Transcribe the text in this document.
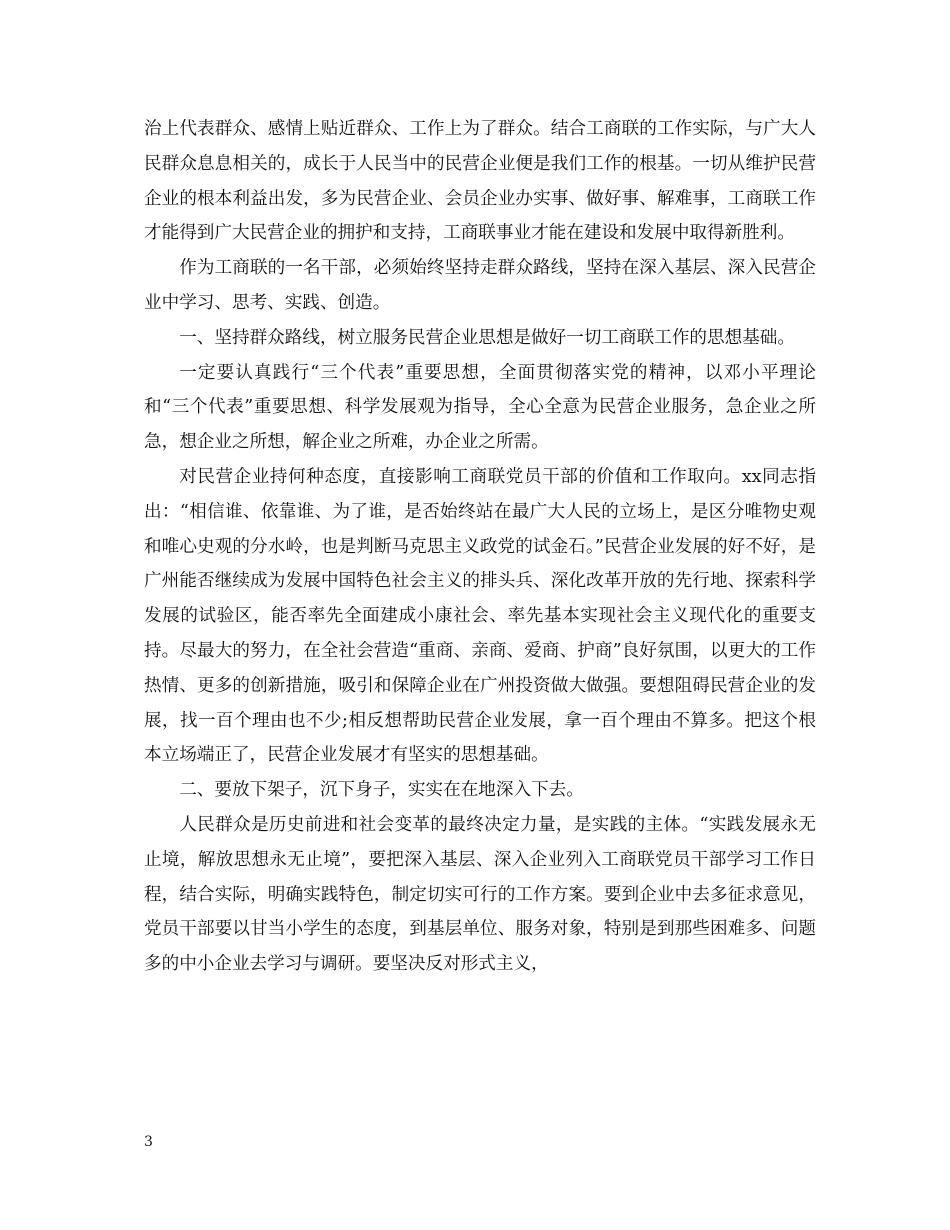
治上代表群众、感情上贴近群众、工作上为了群众。结合工商联的工作实际，与广大人民群众息息相关的，成长于人民当中的民营企业便是我们工作的根基。一切从维护民营企业的根本利益出发，多为民营企业、会员企业办实事、做好事、解难事，工商联工作才能得到广大民营企业的拥护和支持，工商联事业才能在建设和发展中取得新胜利。

作为工商联的一名干部，必须始终坚持走群众路线，坚持在深入基层、深入民营企业中学习、思考、实践、创造。

一、坚持群众路线，树立服务民营企业思想是做好一切工商联工作的思想基础。

一定要认真践行“三个代表”重要思想，全面贯彻落实党的精神，以邓小平理论和“三个代表”重要思想、科学发展观为指导，全心全意为民营企业服务，急企业之所急，想企业之所想，解企业之所难，办企业之所需。

对民营企业持何种态度，直接影响工商联党员干部的价值和工作取向。xx同志指出：“相信谁、依靠谁、为了谁，是否始终站在最广大人民的立场上，是区分唯物史观和唯心史观的分水岭，也是判断马克思主义政党的试金石。”民营企业发展的好不好，是广州能否继续成为发展中国特色社会主义的排头兵、深化改革开放的先行地、探索科学发展的试验区，能否率先全面建成小康社会、率先基本实现社会主义现代化的重要支持。尽最大的努力，在全社会营造“重商、亲商、爱商、护商”良好氛围，以更大的工作热情、更多的创新措施，吸引和保障企业在广州投资做大做强。要想阻碍民营企业的发展，找一百个理由也不少;相反想帮助民营企业发展，拿一百个理由不算多。把这个根本立场端正了，民营企业发展才有坚实的思想基础。

二、要放下架子，沉下身子，实实在在地深入下去。

人民群众是历史前进和社会变革的最终决定力量，是实践的主体。“实践发展永无止境，解放思想永无止境”，要把深入基层、深入企业列入工商联党员干部学习工作日程，结合实际，明确实践特色，制定切实可行的工作方案。要到企业中去多征求意见，党员干部要以甘当小学生的态度，到基层单位、服务对象，特别是到那些困难多、问题多的中小企业去学习与调研。要坚决反对形式主义，

3
